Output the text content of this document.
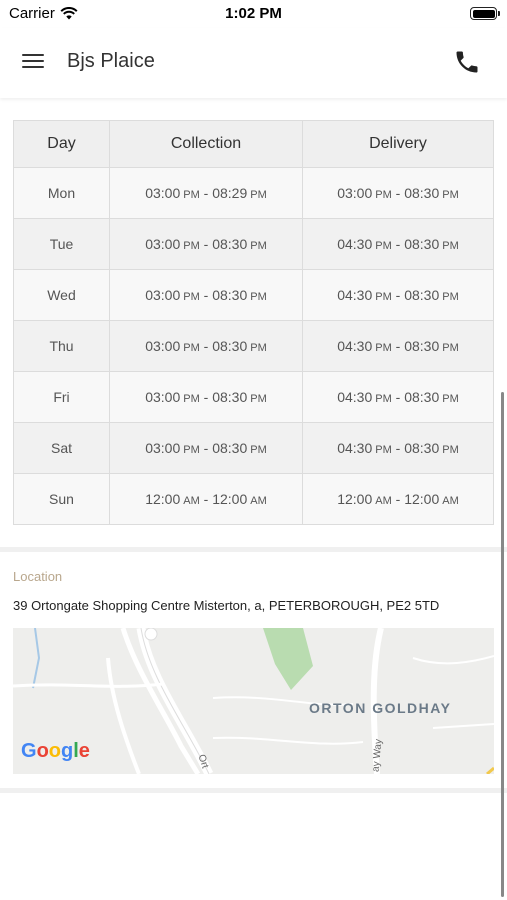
Carrier	1:02 PM
Bjs Plaice
Day	Collection	Delivery
Mon	03:00 PM - 08:29 PM	03:00 PM - 08:30 PM
Tue	03:00 PM - 08:30 PM	04:30 PM - 08:30 PM
Wed	03:00 PM - 08:30 PM	04:30 PM - 08:30 PM
Thu	03:00 PM - 08:30 PM	04:30 PM - 08:30 PM
Fri	03:00 PM - 08:30 PM	04:30 PM - 08:30 PM
Sat	03:00 PM - 08:30 PM	04:30 PM - 08:30 PM
Sun	12:00 AM - 12:00 AM	12:00 AM - 12:00 AM
Location
39 Ortongate Shopping Centre Misterton, a, PETERBOROUGH, PE2 5TD
ORTON GOLDHAY
Ort	ay Way
Google
